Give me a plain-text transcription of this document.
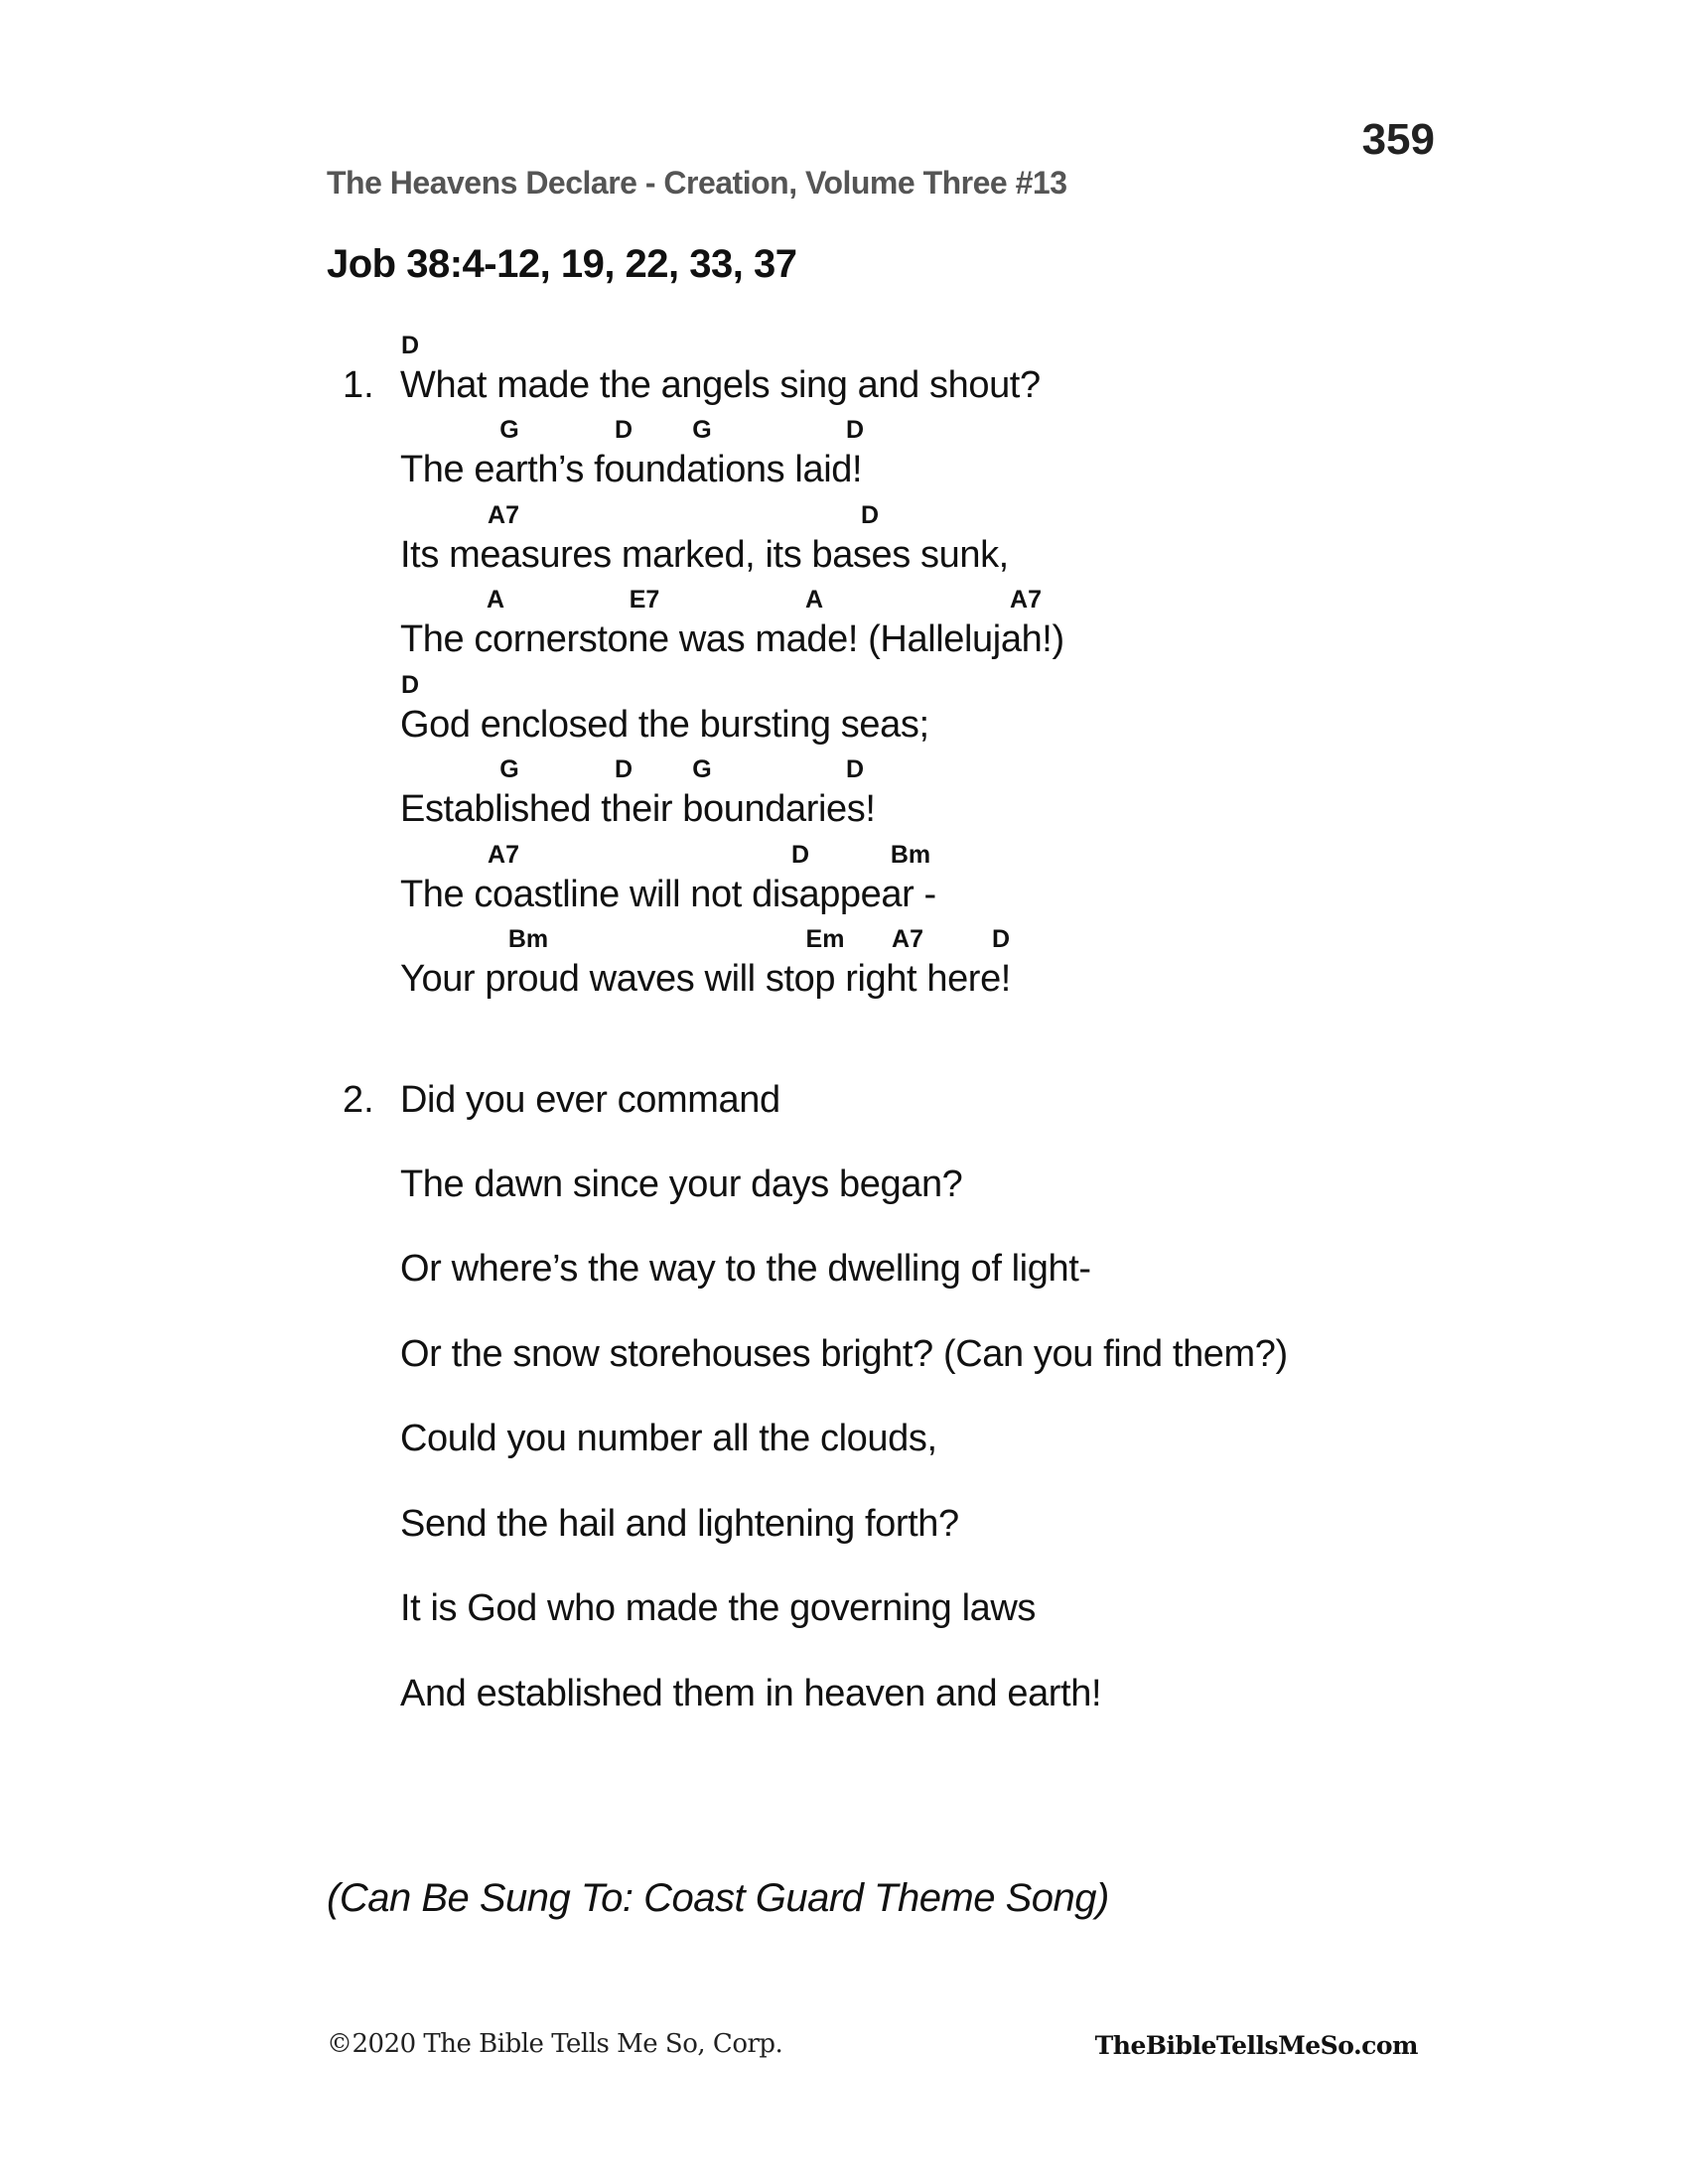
359
The Heavens Declare - Creation, Volume Three #13
Job 38:4-12, 19, 22, 33, 37
1.
D
What made the angels sing and shout?
G	D G	D
The earth’s foundations laid!
A7	D
Its measures marked, its bases sunk,
A	E7	A	A7
The cornerstone was made! (Hallelujah!)
D
God enclosed the bursting seas;
G	D G	D
Established their boundaries!
A7	D	Bm
The coastline will not disappear -
Bm	Em A7	D
Your proud waves will stop right here!
2. Did you ever command
The dawn since your days began?
Or where’s the way to the dwelling of light-
Or the snow storehouses bright? (Can you find them?)
Could you number all the clouds,
Send the hail and lightening forth?
It is God who made the governing laws
And established them in heaven and earth!
(Can Be Sung To: Coast Guard Theme Song)
©2020 The Bible Tells Me So, Corp.	TheBibleTellsMeSo.com
